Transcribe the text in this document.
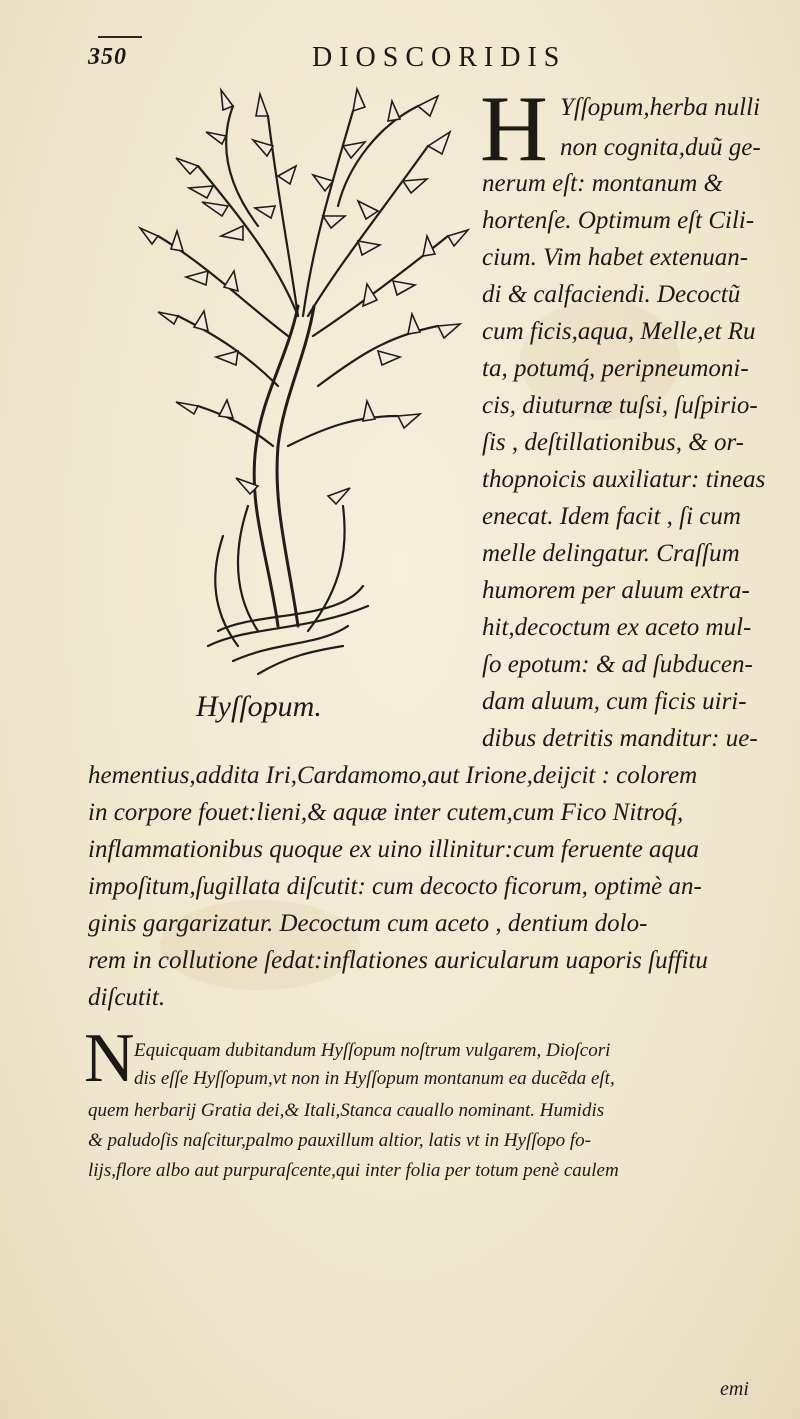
350	DIOSCORIDIS
Hyſſopum.
H Yſſopum,herba nulli
non cognita,duũ ge-
nerum eſt: montanum &
hortenſe. Optimum eſt Cili-
cium. Vim habet extenuan-
di & calfaciendi. Decoctũ
cum ficis,aqua, Melle,et Ru
ta, potumq́, peripneumoni-
cis, diuturnæ tuſsi, ſuſpirio-
ſis , deſtillationibus, & or-
thopnoicis auxiliatur: tineas
enecat. Idem facit , ſi cum
melle delingatur. Craſſum
humorem per aluum extra-
hit,decoctum ex aceto mul-
ſo epotum: & ad ſubducen-
dam aluum, cum ficis uiri-
dibus detritis manditur: ue-
hementius,addita Iri,Cardamomo,aut Irione,deijcit : colorem
in corpore fouet:lieni,& aquæ inter cutem,cum Fico Nitroq́,
inflammationibus quoque ex uino illinitur:cum feruente aqua
impoſitum,ſugillata diſcutit: cum decocto ficorum, optimè an-
ginis gargarizatur. Decoctum cum aceto , dentium dolo-
rem in collutione ſedat:inflationes auricularum uaporis ſuffitu
diſcutit.
N Equicquam dubitandum Hyſſopum noſtrum vulgarem, Dioſcori
dis eſſe Hyſſopum,vt non in Hyſſopum montanum ea ducẽda eſt,
quem herbarij Gratia dei,& Itali,Stanca cauallo nominant. Humidis
& paludoſis naſcitur,palmo pauxillum altior, latis vt in Hyſſopo fo-
lijs,flore albo aut purpuraſcente,qui inter folia per totum penè caulem
emi
